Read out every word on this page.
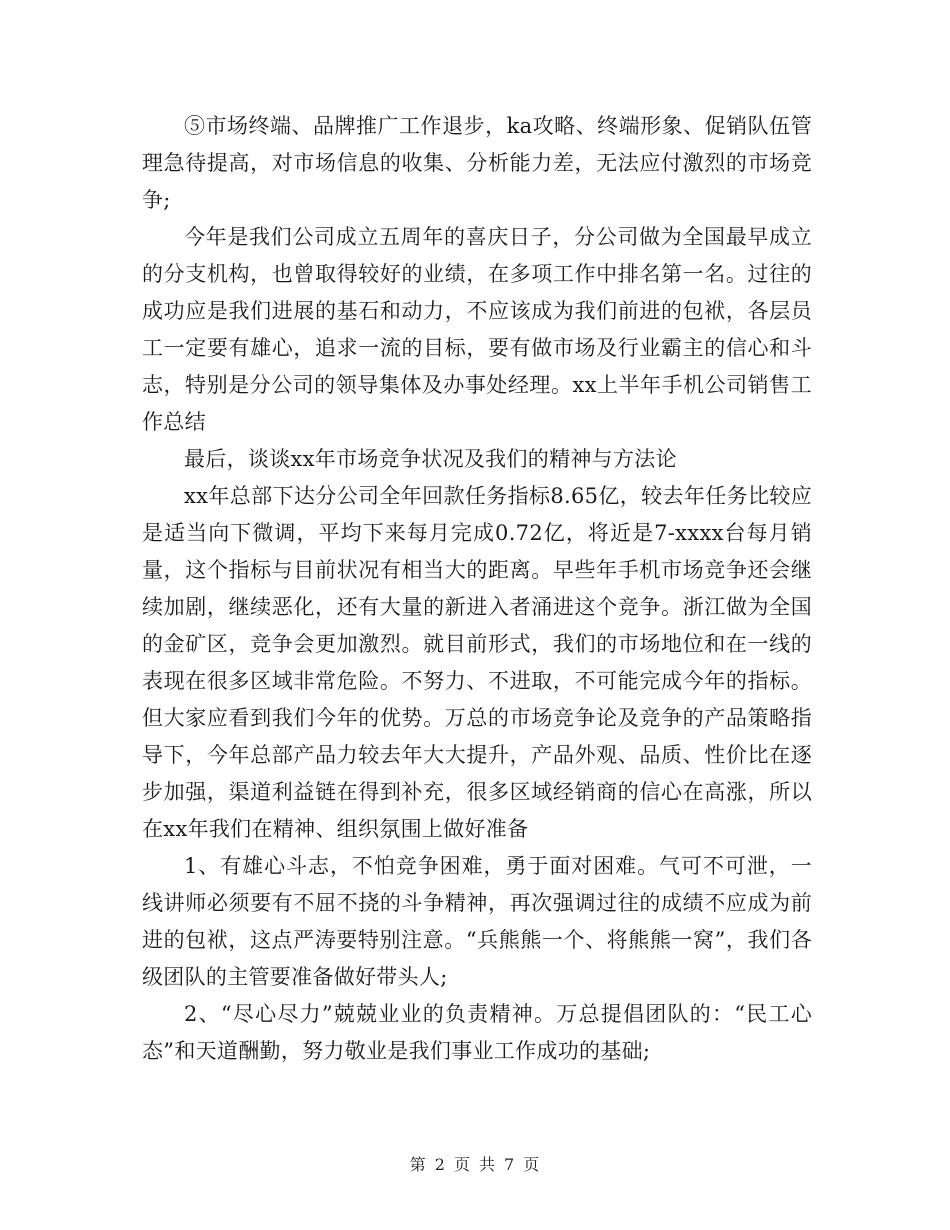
⑤市场终端、品牌推广工作退步，ka攻略、终端形象、促销队伍管理急待提高，对市场信息的收集、分析能力差，无法应付激烈的市场竞争;

今年是我们公司成立五周年的喜庆日子，分公司做为全国最早成立的分支机构，也曾取得较好的业绩，在多项工作中排名第一名。过往的成功应是我们进展的基石和动力，不应该成为我们前进的包袱，各层员工一定要有雄心，追求一流的目标，要有做市场及行业霸主的信心和斗志，特别是分公司的领导集体及办事处经理。xx上半年手机公司销售工作总结

最后，谈谈xx年市场竞争状况及我们的精神与方法论

xx年总部下达分公司全年回款任务指标8.65亿，较去年任务比较应是适当向下微调，平均下来每月完成0.72亿，将近是7-xxxx台每月销量，这个指标与目前状况有相当大的距离。早些年手机市场竞争还会继续加剧，继续恶化，还有大量的新进入者涌进这个竞争。浙江做为全国的金矿区，竞争会更加激烈。就目前形式，我们的市场地位和在一线的表现在很多区域非常危险。不努力、不进取，不可能完成今年的指标。但大家应看到我们今年的优势。万总的市场竞争论及竞争的产品策略指导下，今年总部产品力较去年大大提升，产品外观、品质、性价比在逐步加强，渠道利益链在得到补充，很多区域经销商的信心在高涨，所以在xx年我们在精神、组织氛围上做好准备

1、有雄心斗志，不怕竞争困难，勇于面对困难。气可不可泄，一线讲师必须要有不屈不挠的斗争精神，再次强调过往的成绩不应成为前进的包袱，这点严涛要特别注意。“兵熊熊一个、将熊熊一窝”，我们各级团队的主管要准备做好带头人;

2、“尽心尽力”兢兢业业的负责精神。万总提倡团队的：“民工心态”和天道酬勤，努力敬业是我们事业工作成功的基础;

第 2 页 共 7 页
